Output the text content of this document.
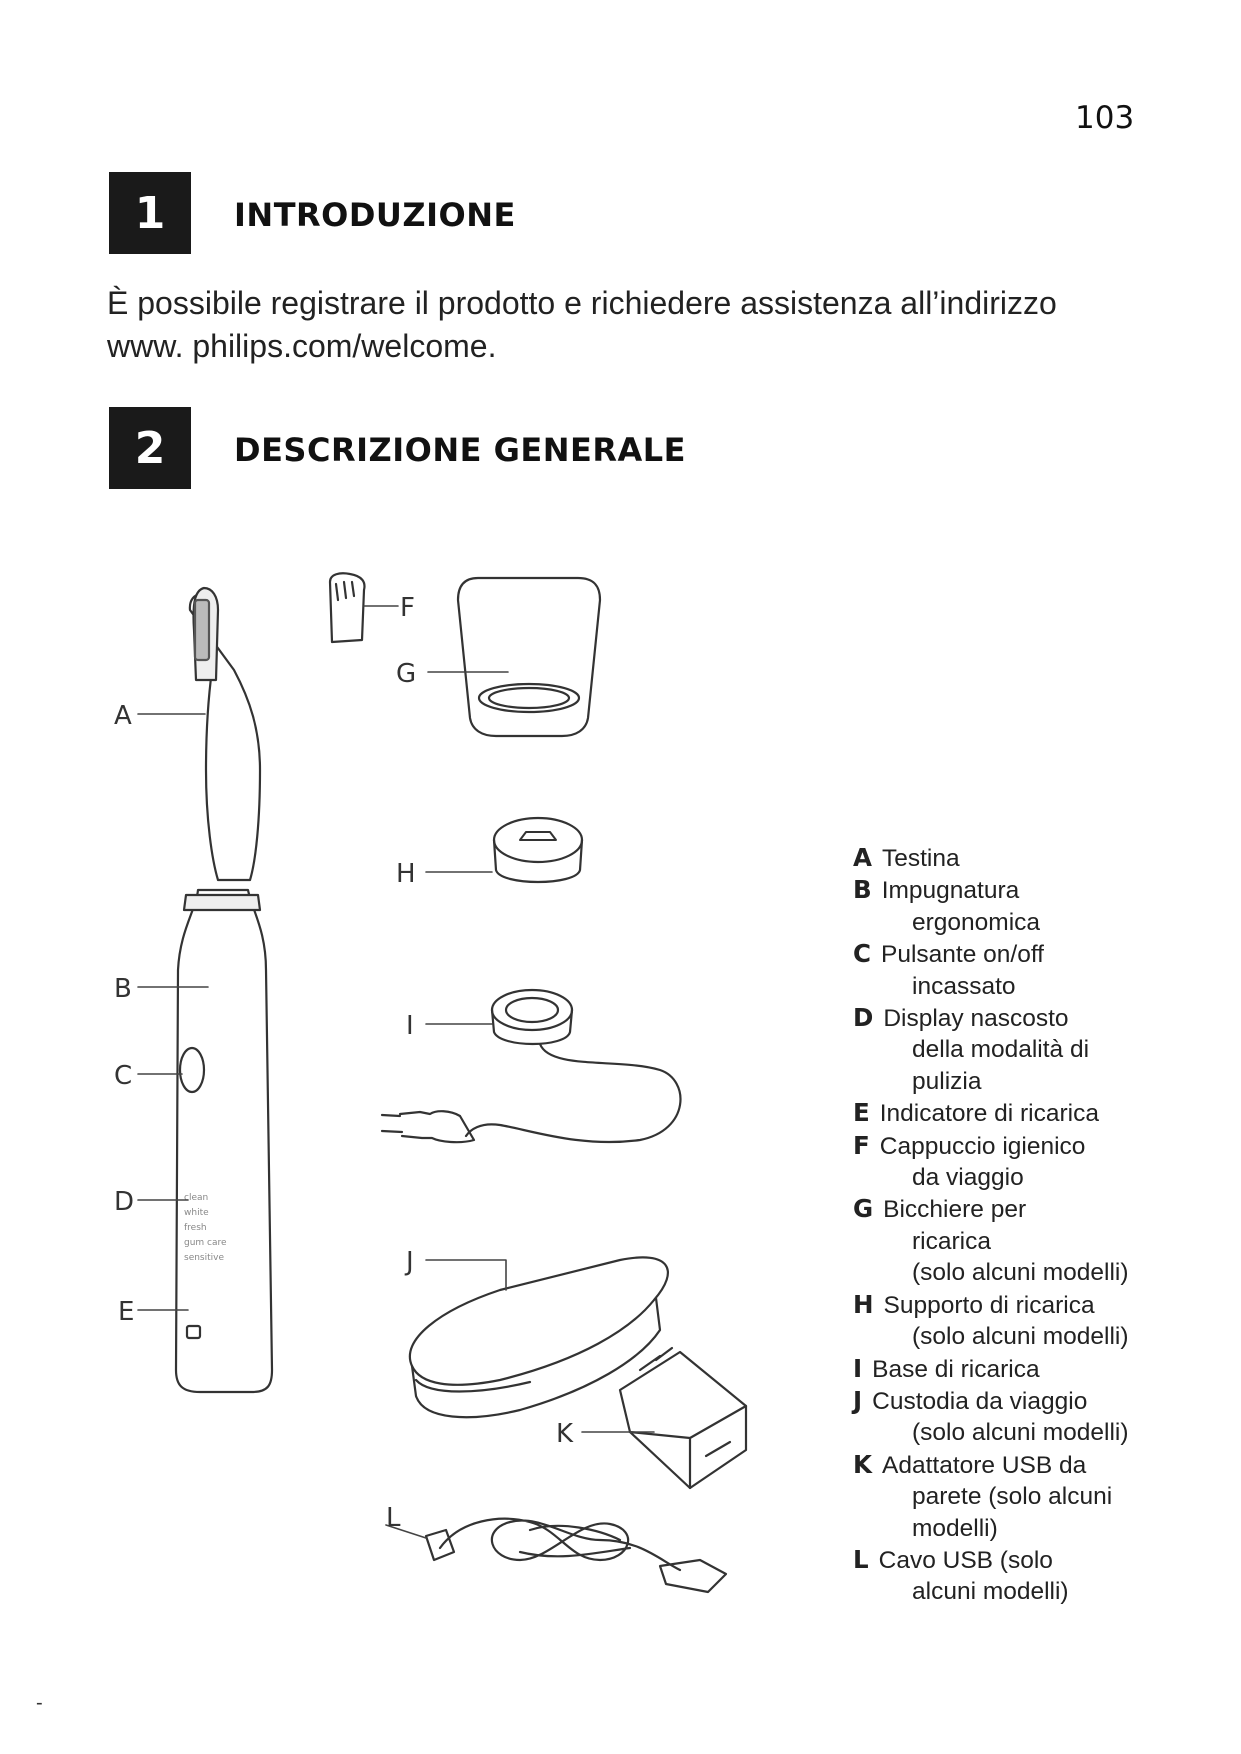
103
1	INTRODUZIONE
È possibile registrare il prodotto e richiedere assistenza all’indirizzo www. philips.com/welcome.
2	DESCRIZIONE GENERALE
clean
white
fresh
gum care
sensitive
A
B
C
D
E
F
G
H
I
J
K
L
A Testina
B Impugnatura
ergonomica
C Pulsante on/off
incassato
D Display nascosto
della modalità di
pulizia
E Indicatore di ricarica
F Cappuccio igienico
da viaggio
G Bicchiere per
ricarica
(solo alcuni modelli)
H Supporto di ricarica
(solo alcuni modelli)
I Base di ricarica
J Custodia da viaggio
(solo alcuni modelli)
K Adattatore USB da
parete (solo alcuni
modelli)
L Cavo USB (solo
alcuni modelli)
-
